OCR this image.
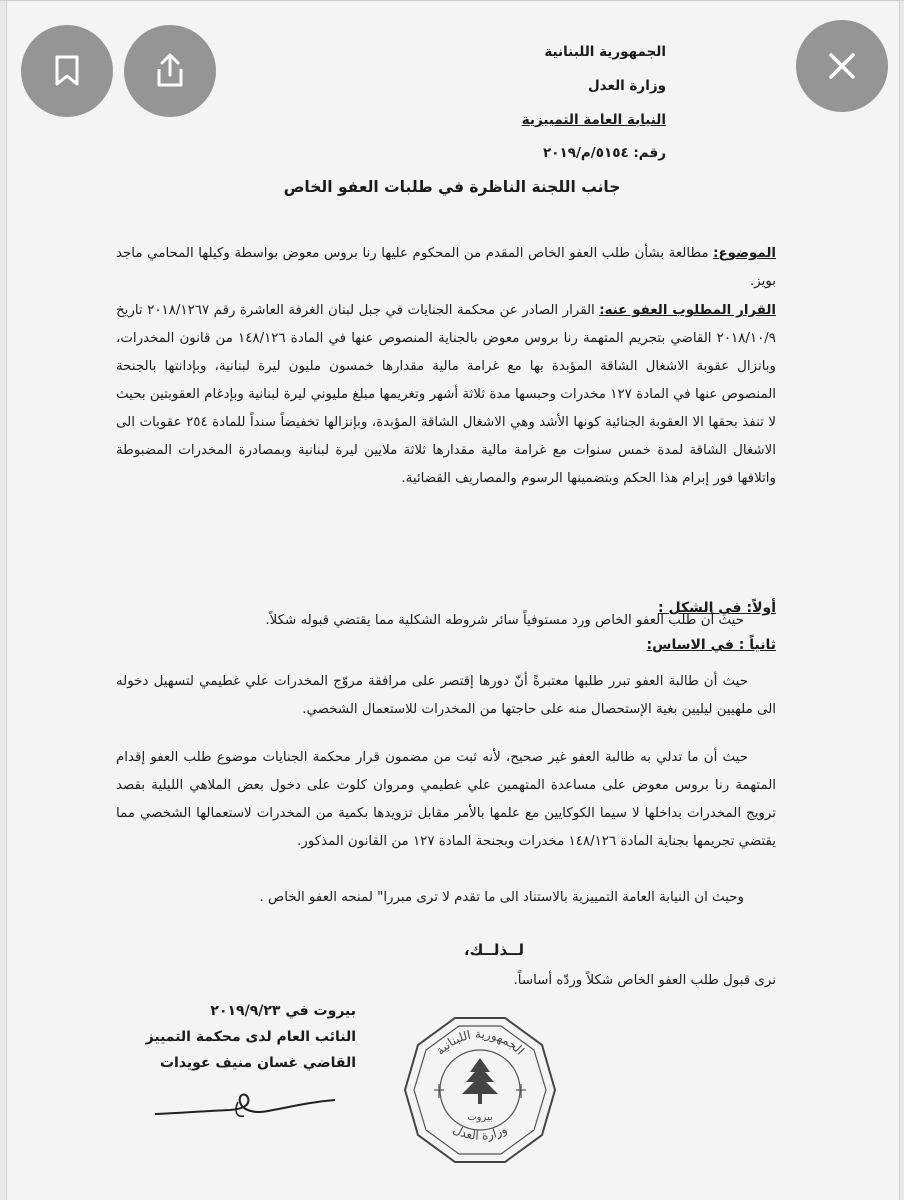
الجمهورية اللبنانية
وزارة العدل
النيابة العامة التمييزية
رقم: ٥١٥٤/م/٢٠١٩
جانب اللجنة الناظرة في طلبات العفو الخاص
الموضوع: مطالعة بشأن طلب العفو الخاص المقدم من المحكوم عليها رنا بروس معوض بواسطة وكيلها المحامي ماجد بويز.
القرار المطلوب العفو عنه: القرار الصادر عن محكمة الجنايات في جبل لبنان الغرفة العاشرة رقم ٢٠١٨/١٢٦٧ تاريخ ٢٠١٨/١٠/٩ القاضي بتجريم المتهمة رنا بروس معوض بالجناية المنصوص عنها في المادة ١٤٨/١٢٦ من قانون المخدرات، وبانزال عقوبة الاشغال الشاقة المؤبدة بها مع غرامة مالية مقدارها خمسون مليون ليرة لبنانية، وبإدانتها بالجنحة المنصوص عنها في المادة ١٢٧ مخدرات وحبسها مدة ثلاثة أشهر وتغريمها مبلغ مليوني ليرة لبنانية وبإدغام العقوبتين بحيث لا تنفذ بحقها الا العقوبة الجنائية كونها الأشد وهي الاشغال الشاقة المؤبدة، وبإنزالها تخفيضاً سنداً للمادة ٢٥٤ عقوبات الى الاشغال الشاقة لمدة خمس سنوات مع غرامة مالية مقدارها ثلاثة ملايين ليرة لبنانية وبمصادرة المخدرات المضبوطة واتلافها فور إبرام هذا الحكم وبتضمينها الرسوم والمصاريف القضائية.
أولاً: في الشكل :
حيث أن طلب العفو الخاص ورد مستوفياً سائر شروطه الشكلية مما يقتضي قبوله شكلاً.
ثانياً : في الاساس:
حيث أن طالبة العفو تبرر طلبها معتبرةً أنّ دورها إقتصر على مرافقة مروّج المخدرات علي غطيمي لتسهيل دخوله الى ملهيين ليليين بغية الإستحصال منه على حاجتها من المخدرات للاستعمال الشخصي.
حيث أن ما تدلي به طالبة العفو غير صحيح، لأنه ثبت من مضمون قرار محكمة الجنايات موضوع طلب العفو إقدام المتهمة رنا بروس معوض على مساعدة المتهمين علي غطيمي ومروان كلوت على دخول بعض الملاهي الليلية بقصد ترويج المخدرات بداخلها لا سيما الكوكايين مع علمها بالأمر مقابل تزويدها بكمية من المخدرات لاستعمالها الشخصي مما يقتضي تجريمها بجناية المادة ١٤٨/١٢٦ مخدرات وبجنحة المادة ١٢٧ من القانون المذكور.
وحيث ان النيابة العامة التمييزية بالاستناد الى ما تقدم لا ترى مبررا" لمنحه العفو الخاص .
لــذلــك،
نرى قبول طلب العفو الخاص شكلاً وردّه أساساً.
بيروت في ٢٠١٩/٩/٢٣
النائب العام لدى محكمة التمييز
القاضي غسان منيف عويدات
الجمهورية اللبنانية
وزارة العدل
بيروت
